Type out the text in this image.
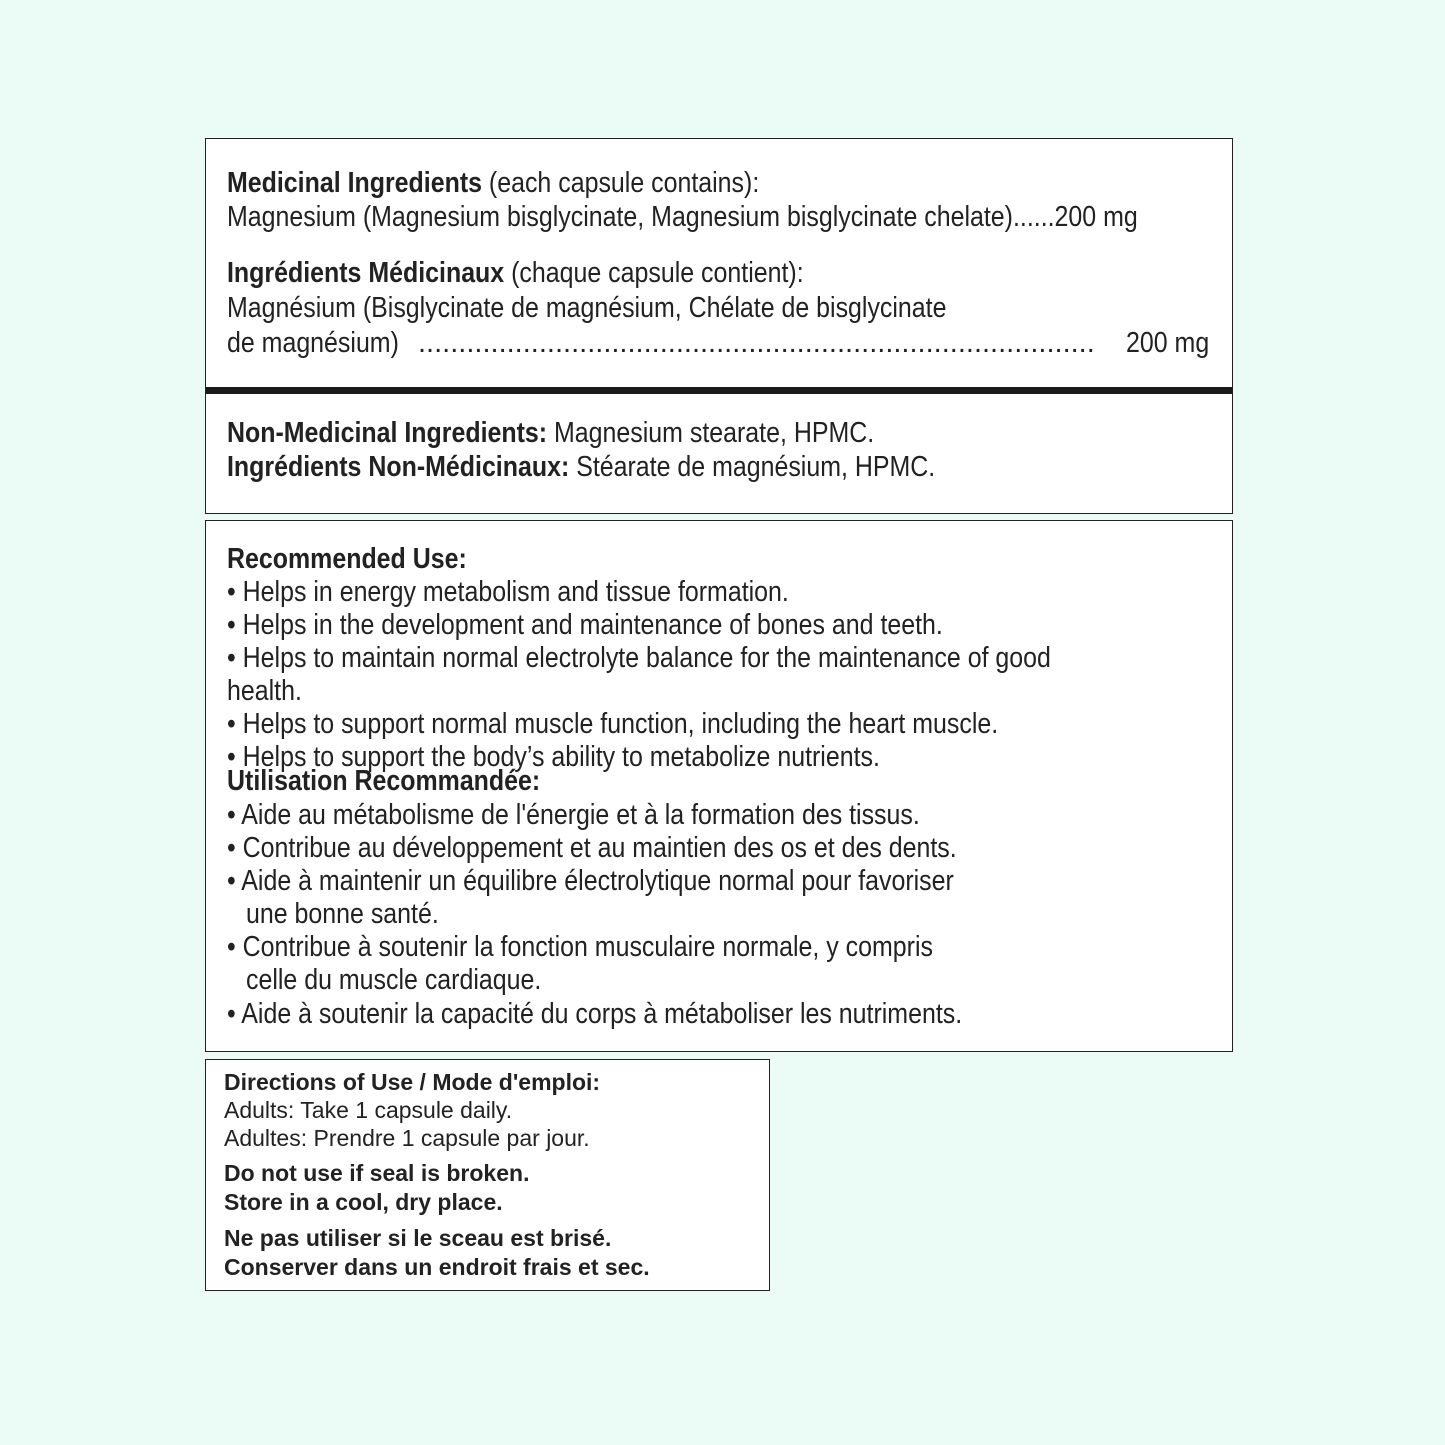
Medicinal Ingredients (each capsule contains):
Magnesium (Magnesium bisglycinate, Magnesium bisglycinate chelate)......200 mg
Ingrédients Médicinaux (chaque capsule contient):
Magnésium (Bisglycinate de magnésium, Chélate de bisglycinate
de magnésium) ....................................................................................	200 mg
Non-Medicinal Ingredients: Magnesium stearate, HPMC.
Ingrédients Non-Médicinaux: Stéarate de magnésium, HPMC.
Recommended Use:
• Helps in energy metabolism and tissue formation.
• Helps in the development and maintenance of bones and teeth.
• Helps to maintain normal electrolyte balance for the maintenance of good
health.
• Helps to support normal muscle function, including the heart muscle.
• Helps to support the body’s ability to metabolize nutrients.
Utilisation Recommandée:
• Aide au métabolisme de l'énergie et à la formation des tissus.
• Contribue au développement et au maintien des os et des dents.
• Aide à maintenir un équilibre électrolytique normal pour favoriser
une bonne santé.
• Contribue à soutenir la fonction musculaire normale, y compris
celle du muscle cardiaque.
• Aide à soutenir la capacité du corps à métaboliser les nutriments.
Directions of Use / Mode d'emploi:
Adults: Take 1 capsule daily.
Adultes: Prendre 1 capsule par jour.
Do not use if seal is broken.
Store in a cool, dry place.
Ne pas utiliser si le sceau est brisé.
Conserver dans un endroit frais et sec.
